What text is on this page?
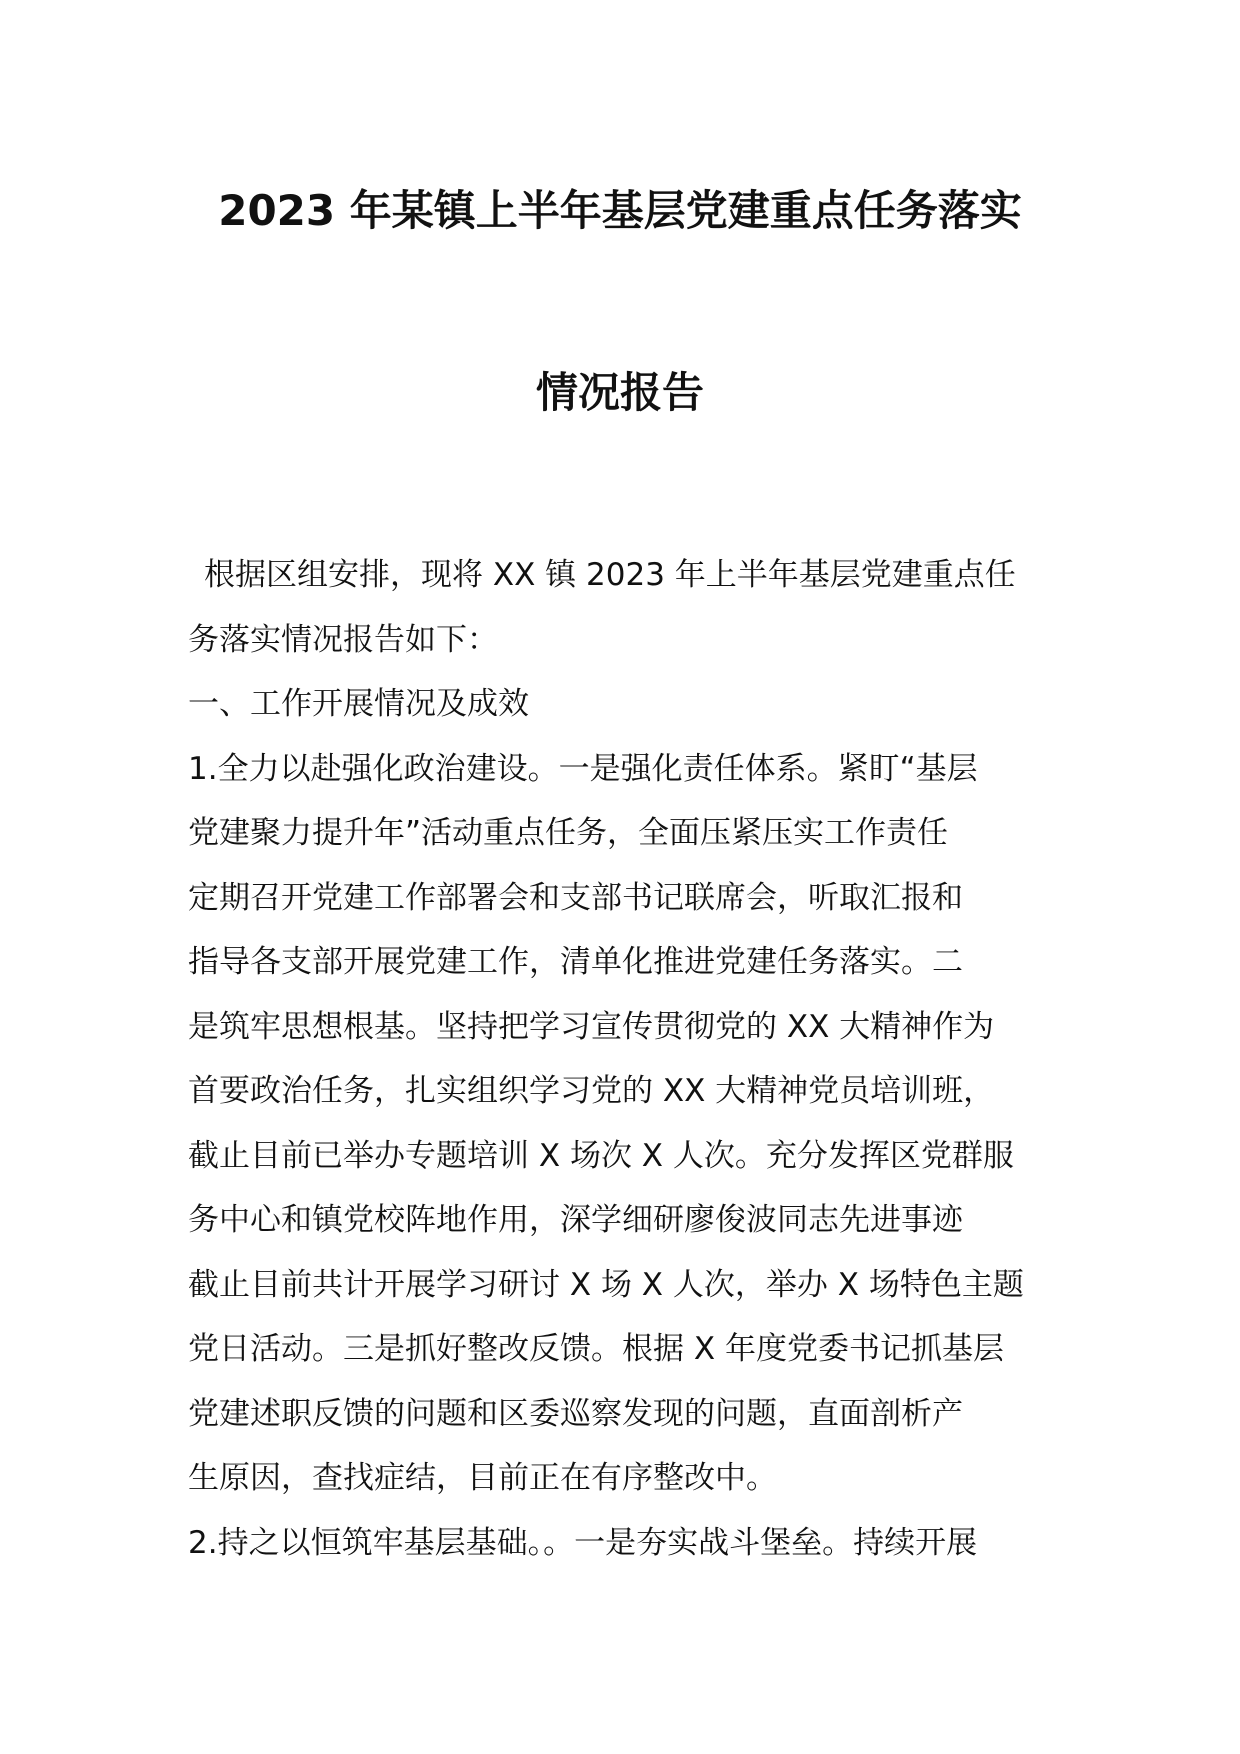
2023 年某镇上半年基层党建重点任务落实
情况报告
根据区组安排，现将 XX 镇 2023 年上半年基层党建重点任
务落实情况报告如下：
一、工作开展情况及成效
1.全力以赴强化政治建设。一是强化责任体系。紧盯“基层
党建聚力提升年”活动重点任务，全面压紧压实工作责任
定期召开党建工作部署会和支部书记联席会，听取汇报和
指导各支部开展党建工作，清单化推进党建任务落实。二
是筑牢思想根基。坚持把学习宣传贯彻党的 XX 大精神作为
首要政治任务，扎实组织学习党的 XX 大精神党员培训班，
截止目前已举办专题培训 X 场次 X 人次。充分发挥区党群服
务中心和镇党校阵地作用，深学细研廖俊波同志先进事迹
截止目前共计开展学习研讨 X 场 X 人次，举办 X 场特色主题
党日活动。三是抓好整改反馈。根据 X 年度党委书记抓基层
党建述职反馈的问题和区委巡察发现的问题，直面剖析产
生原因，查找症结，目前正在有序整改中。
2.持之以恒筑牢基层基础。。一是夯实战斗堡垒。持续开展
